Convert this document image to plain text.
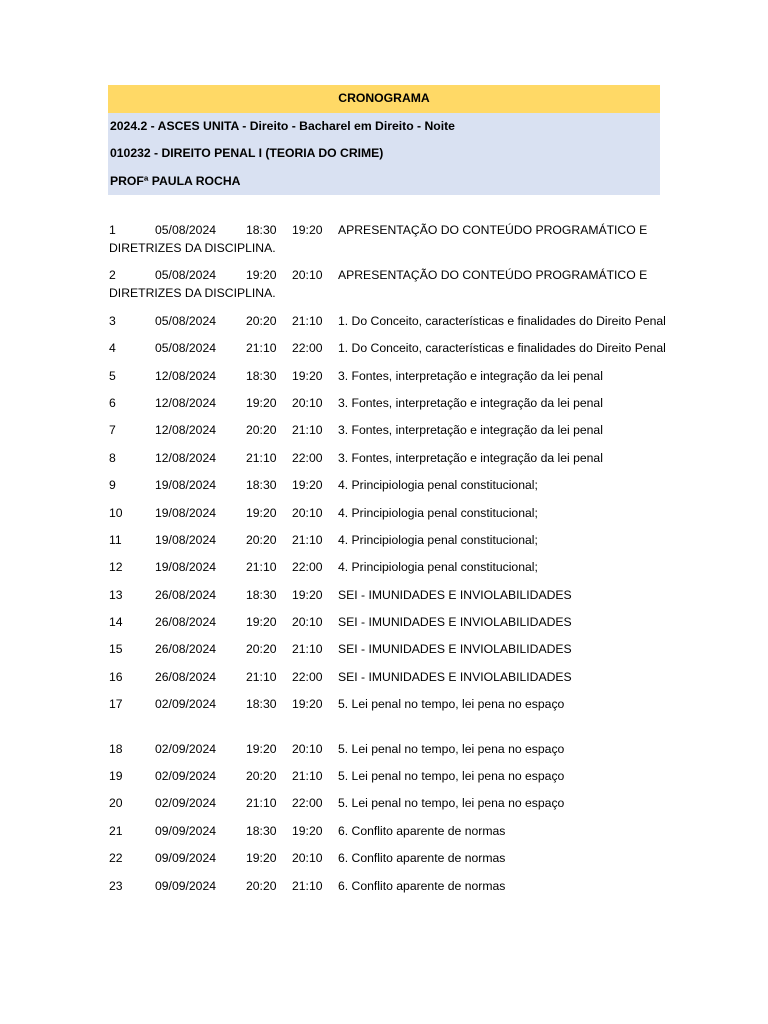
CRONOGRAMA
2024.2 - ASCES UNITA - Direito - Bacharel em Direito - Noite
010232 - DIREITO PENAL I (TEORIA DO CRIME)
PROFª PAULA ROCHA
1	05/08/2024 18:30 19:20 APRESENTAÇÃO DO CONTEÚDO PROGRAMÁTICO E DIRETRIZES DA DISCIPLINA.
2	05/08/2024 19:20 20:10 APRESENTAÇÃO DO CONTEÚDO PROGRAMÁTICO E DIRETRIZES DA DISCIPLINA.
3	05/08/2024 20:20 21:10 1. Do Conceito, características e finalidades do Direito Penal
4	05/08/2024 21:10 22:00 1. Do Conceito, características e finalidades do Direito Penal
5	12/08/2024 18:30 19:20 3. Fontes, interpretação e integração da lei penal
6	12/08/2024 19:20 20:10 3. Fontes, interpretação e integração da lei penal
7	12/08/2024 20:20 21:10 3. Fontes, interpretação e integração da lei penal
8	12/08/2024 21:10 22:00 3. Fontes, interpretação e integração da lei penal
9	19/08/2024 18:30 19:20 4. Principiologia penal constitucional;
10	19/08/2024 19:20 20:10 4. Principiologia penal constitucional;
11	19/08/2024 20:20 21:10 4. Principiologia penal constitucional;
12	19/08/2024 21:10 22:00 4. Principiologia penal constitucional;
13	26/08/2024 18:30 19:20 SEI - IMUNIDADES E INVIOLABILIDADES
14	26/08/2024 19:20 20:10 SEI - IMUNIDADES E INVIOLABILIDADES
15	26/08/2024 20:20 21:10 SEI - IMUNIDADES E INVIOLABILIDADES
16	26/08/2024 21:10 22:00 SEI - IMUNIDADES E INVIOLABILIDADES
17	02/09/2024 18:30 19:20 5. Lei penal no tempo, lei pena no espaço
18	02/09/2024 19:20 20:10 5. Lei penal no tempo, lei pena no espaço
19	02/09/2024 20:20 21:10 5. Lei penal no tempo, lei pena no espaço
20	02/09/2024 21:10 22:00 5. Lei penal no tempo, lei pena no espaço
21	09/09/2024 18:30 19:20 6. Conflito aparente de normas
22	09/09/2024 19:20 20:10 6. Conflito aparente de normas
23	09/09/2024 20:20 21:10 6. Conflito aparente de normas
